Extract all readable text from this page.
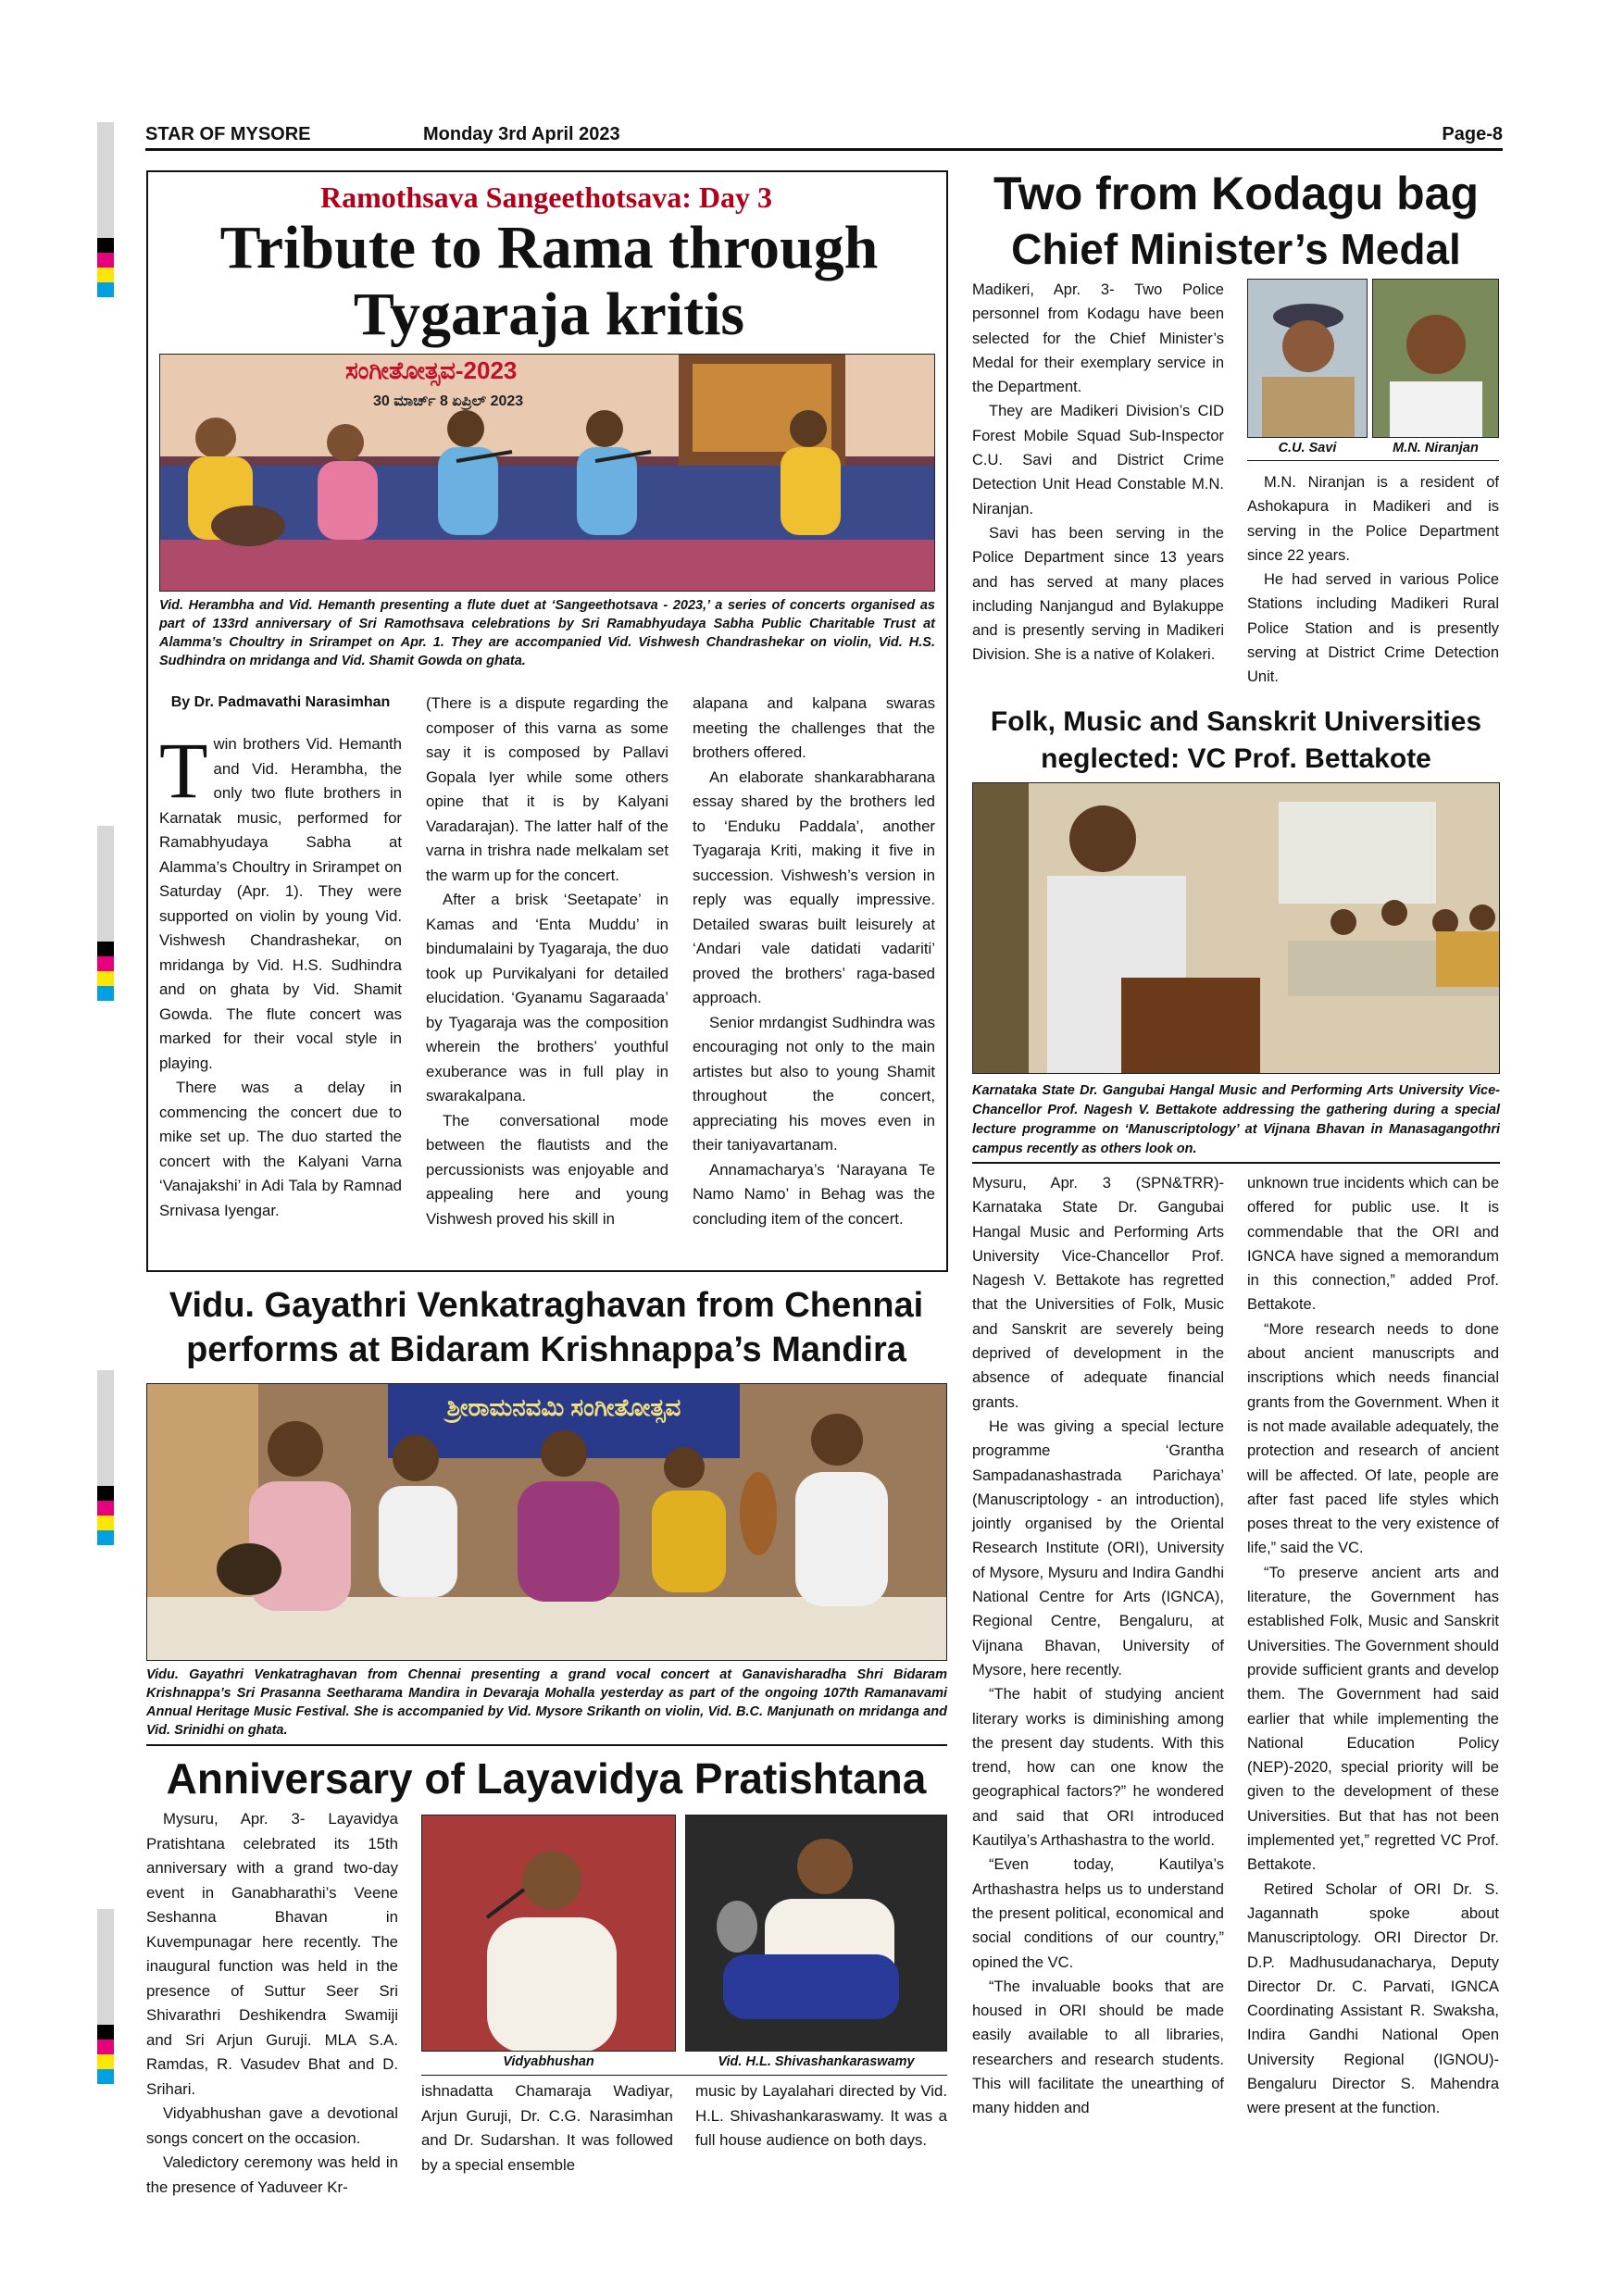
STAR OF MYSORE	Monday 3rd April 2023	Page-8
Ramothsava Sangeethotsava: Day 3
Tribute to Rama through
Tygaraja kritis
ಸಂಗೀತೋತ್ಸವ-2023
30 ಮಾರ್ಚ್ 8 ಏಪ್ರಿಲ್ 2023
Vid. Herambha and Vid. Hemanth presenting a flute duet at ‘Sangeethotsava - 2023,’ a series of concerts organised as part of 133rd anniversary of Sri Ramothsava celebrations by Sri Ramabhyudaya Sabha Public Charitable Trust at Alamma’s Choultry in Srirampet on Apr. 1. They are accompanied Vid. Vishwesh Chandrashekar on violin, Vid. H.S. Sudhindra on mridanga and Vid. Shamit Gowda on ghata.
By Dr. Padmavathi Narasimhan
T win brothers Vid. Hemanth and Vid. Herambha, the only two flute brothers in Karnatak music, performed for Ramabhyudaya Sabha at Alamma’s Choultry in Srirampet on Saturday (Apr. 1). They were supported on violin by young Vid. Vishwesh Chandrashekar, on mridanga by Vid. H.S. Sudhindra and on ghata by Vid. Shamit Gowda. The flute concert was marked for their vocal style in playing.

There was a delay in commencing the concert due to mike set up. The duo started the concert with the Kalyani Varna ‘Vanajakshi’ in Adi Tala by Ramnad Srnivasa Iyengar.

(There is a dispute regarding the composer of this varna as some say it is composed by Pallavi Gopala Iyer while some others opine that it is by Kalyani Varadarajan). The latter half of the varna in trishra nade melkalam set the warm up for the concert.

After a brisk ‘Seetapate’ in Kamas and ‘Enta Muddu’ in bindumalaini by Tyagaraja, the duo took up Purvikalyani for detailed elucidation. ‘Gyanamu Sagaraada’ by Tyagaraja was the composition wherein the brothers’ youthful exuberance was in full play in swarakalpana.

The conversational mode between the flautists and the percussionists was enjoyable and appealing here and young Vishwesh proved his skill in

alapana and kalpana swaras meeting the challenges that the brothers offered.

An elaborate shankarabharana essay shared by the brothers led to ‘Enduku Paddala’, another Tyagaraja Kriti, making it five in succession. Vishwesh’s version in reply was equally impressive. Detailed swaras built leisurely at ‘Andari vale datidati vadariti’ proved the brothers’ raga-based approach.

Senior mrdangist Sudhindra was encouraging not only to the main artistes but also to young Shamit throughout the concert, appreciating his moves even in their taniyavartanam.

Annamacharya’s ‘Narayana Te Namo Namo’ in Behag was the concluding item of the concert.

Two from Kodagu bag
Chief Minister’s Medal

Madikeri, Apr. 3- Two Police personnel from Kodagu have been selected for the Chief Minister’s Medal for their exemplary service in the Department.

They are Madikeri Division’s CID Forest Mobile Squad Sub-Inspector C.U. Savi and District Crime Detection Unit Head Constable M.N. Niranjan.

Savi has been serving in the Police Department since 13 years and has served at many places including Nanjangud and Bylakuppe and is presently serving in Madikeri Division. She is a native of Kolakeri.

C.U. Savi	M.N. Niranjan

M.N. Niranjan is a resident of Ashokapura in Madikeri and is serving in the Police Department since 22 years.

He had served in various Police Stations including Madikeri Rural Police Station and is presently serving at District Crime Detection Unit.

Folk, Music and Sanskrit Universities
neglected: VC Prof. Bettakote
Karnataka State Dr. Gangubai Hangal Music and Performing Arts University Vice-Chancellor Prof. Nagesh V. Bettakote addressing the gathering during a special lecture programme on ‘Manuscriptology’ at Vijnana Bhavan in Manasagangothri campus recently as others look on.

Mysuru, Apr. 3 (SPN&TRR)- Karnataka State Dr. Gangubai Hangal Music and Performing Arts University Vice-Chancellor Prof. Nagesh V. Bettakote has regretted that the Universities of Folk, Music and Sanskrit are severely being deprived of development in the absence of adequate financial grants.

He was giving a special lecture programme ‘Grantha Sampadanashastrada Parichaya’ (Manuscriptology - an introduction), jointly organised by the Oriental Research Institute (ORI), University of Mysore, Mysuru and Indira Gandhi National Centre for Arts (IGNCA), Regional Centre, Bengaluru, at Vijnana Bhavan, University of Mysore, here recently.

“The habit of studying ancient literary works is diminishing among the present day students. With this trend, how can one know the geographical factors?” he wondered and said that ORI introduced Kautilya’s Arthashastra to the world.

“Even today, Kautilya’s Arthashastra helps us to understand the present political, economical and social conditions of our country,” opined the VC.

“The invaluable books that are housed in ORI should be made easily available to all libraries, researchers and research students. This will facilitate the unearthing of many hidden and

unknown true incidents which can be offered for public use. It is commendable that the ORI and IGNCA have signed a memorandum in this connection,” added Prof. Bettakote.

“More research needs to done about ancient manuscripts and inscriptions which needs financial grants from the Government. When it is not made available adequately, the protection and research of ancient will be affected. Of late, people are after fast paced life styles which poses threat to the very existence of life,” said the VC.

“To preserve ancient arts and literature, the Government has established Folk, Music and Sanskrit Universities. The Government should provide sufficient grants and develop them. The Government had said earlier that while implementing the National Education Policy (NEP)-2020, special priority will be given to the development of these Universities. But that has not been implemented yet,” regretted VC Prof. Bettakote.

Retired Scholar of ORI Dr. S. Jagannath spoke about Manuscriptology. ORI Director Dr. D.P. Madhusudanacharya, Deputy Director Dr. C. Parvati, IGNCA Coordinating Assistant R. Swaksha, Indira Gandhi National Open University Regional (IGNOU)-Bengaluru Director S. Mahendra were present at the function.

Vidu. Gayathri Venkatraghavan from Chennai
performs at Bidaram Krishnappa’s Mandira
ಶ್ರೀರಾಮನವಮಿ ಸಂಗೀತೋತ್ಸವ
Vidu. Gayathri Venkatraghavan from Chennai presenting a grand vocal concert at Ganavisharadha Shri Bidaram Krishnappa’s Sri Prasanna Seetharama Mandira in Devaraja Mohalla yesterday as part of the ongoing 107th Ramanavami Annual Heritage Music Festival. She is accompanied by Vid. Mysore Srikanth on violin, Vid. B.C. Manjunath on mridanga and Vid. Srinidhi on ghata.
Anniversary of Layavidya Pratishtana

Mysuru, Apr. 3- Layavidya Pratishtana celebrated its 15th anniversary with a grand two-day event in Ganabharathi’s Veene Seshanna Bhavan in Kuvempunagar here recently. The inaugural function was held in the presence of Suttur Seer Sri Shivarathri Deshikendra Swamiji and Sri Arjun Guruji. MLA S.A. Ramdas, R. Vasudev Bhat and D. Srihari.

Vidyabhushan gave a devotional songs concert on the occasion.

Valedictory ceremony was held in the presence of Yaduveer Kr-

Vidyabhushan	Vid. H.L. Shivashankaraswamy

ishnadatta Chamaraja Wadiyar, Arjun Guruji, Dr. C.G. Narasimhan and Dr. Sudarshan. It was followed by a special ensemble

music by Layalahari directed by Vid. H.L. Shivashankaraswamy. It was a full house audience on both days.
